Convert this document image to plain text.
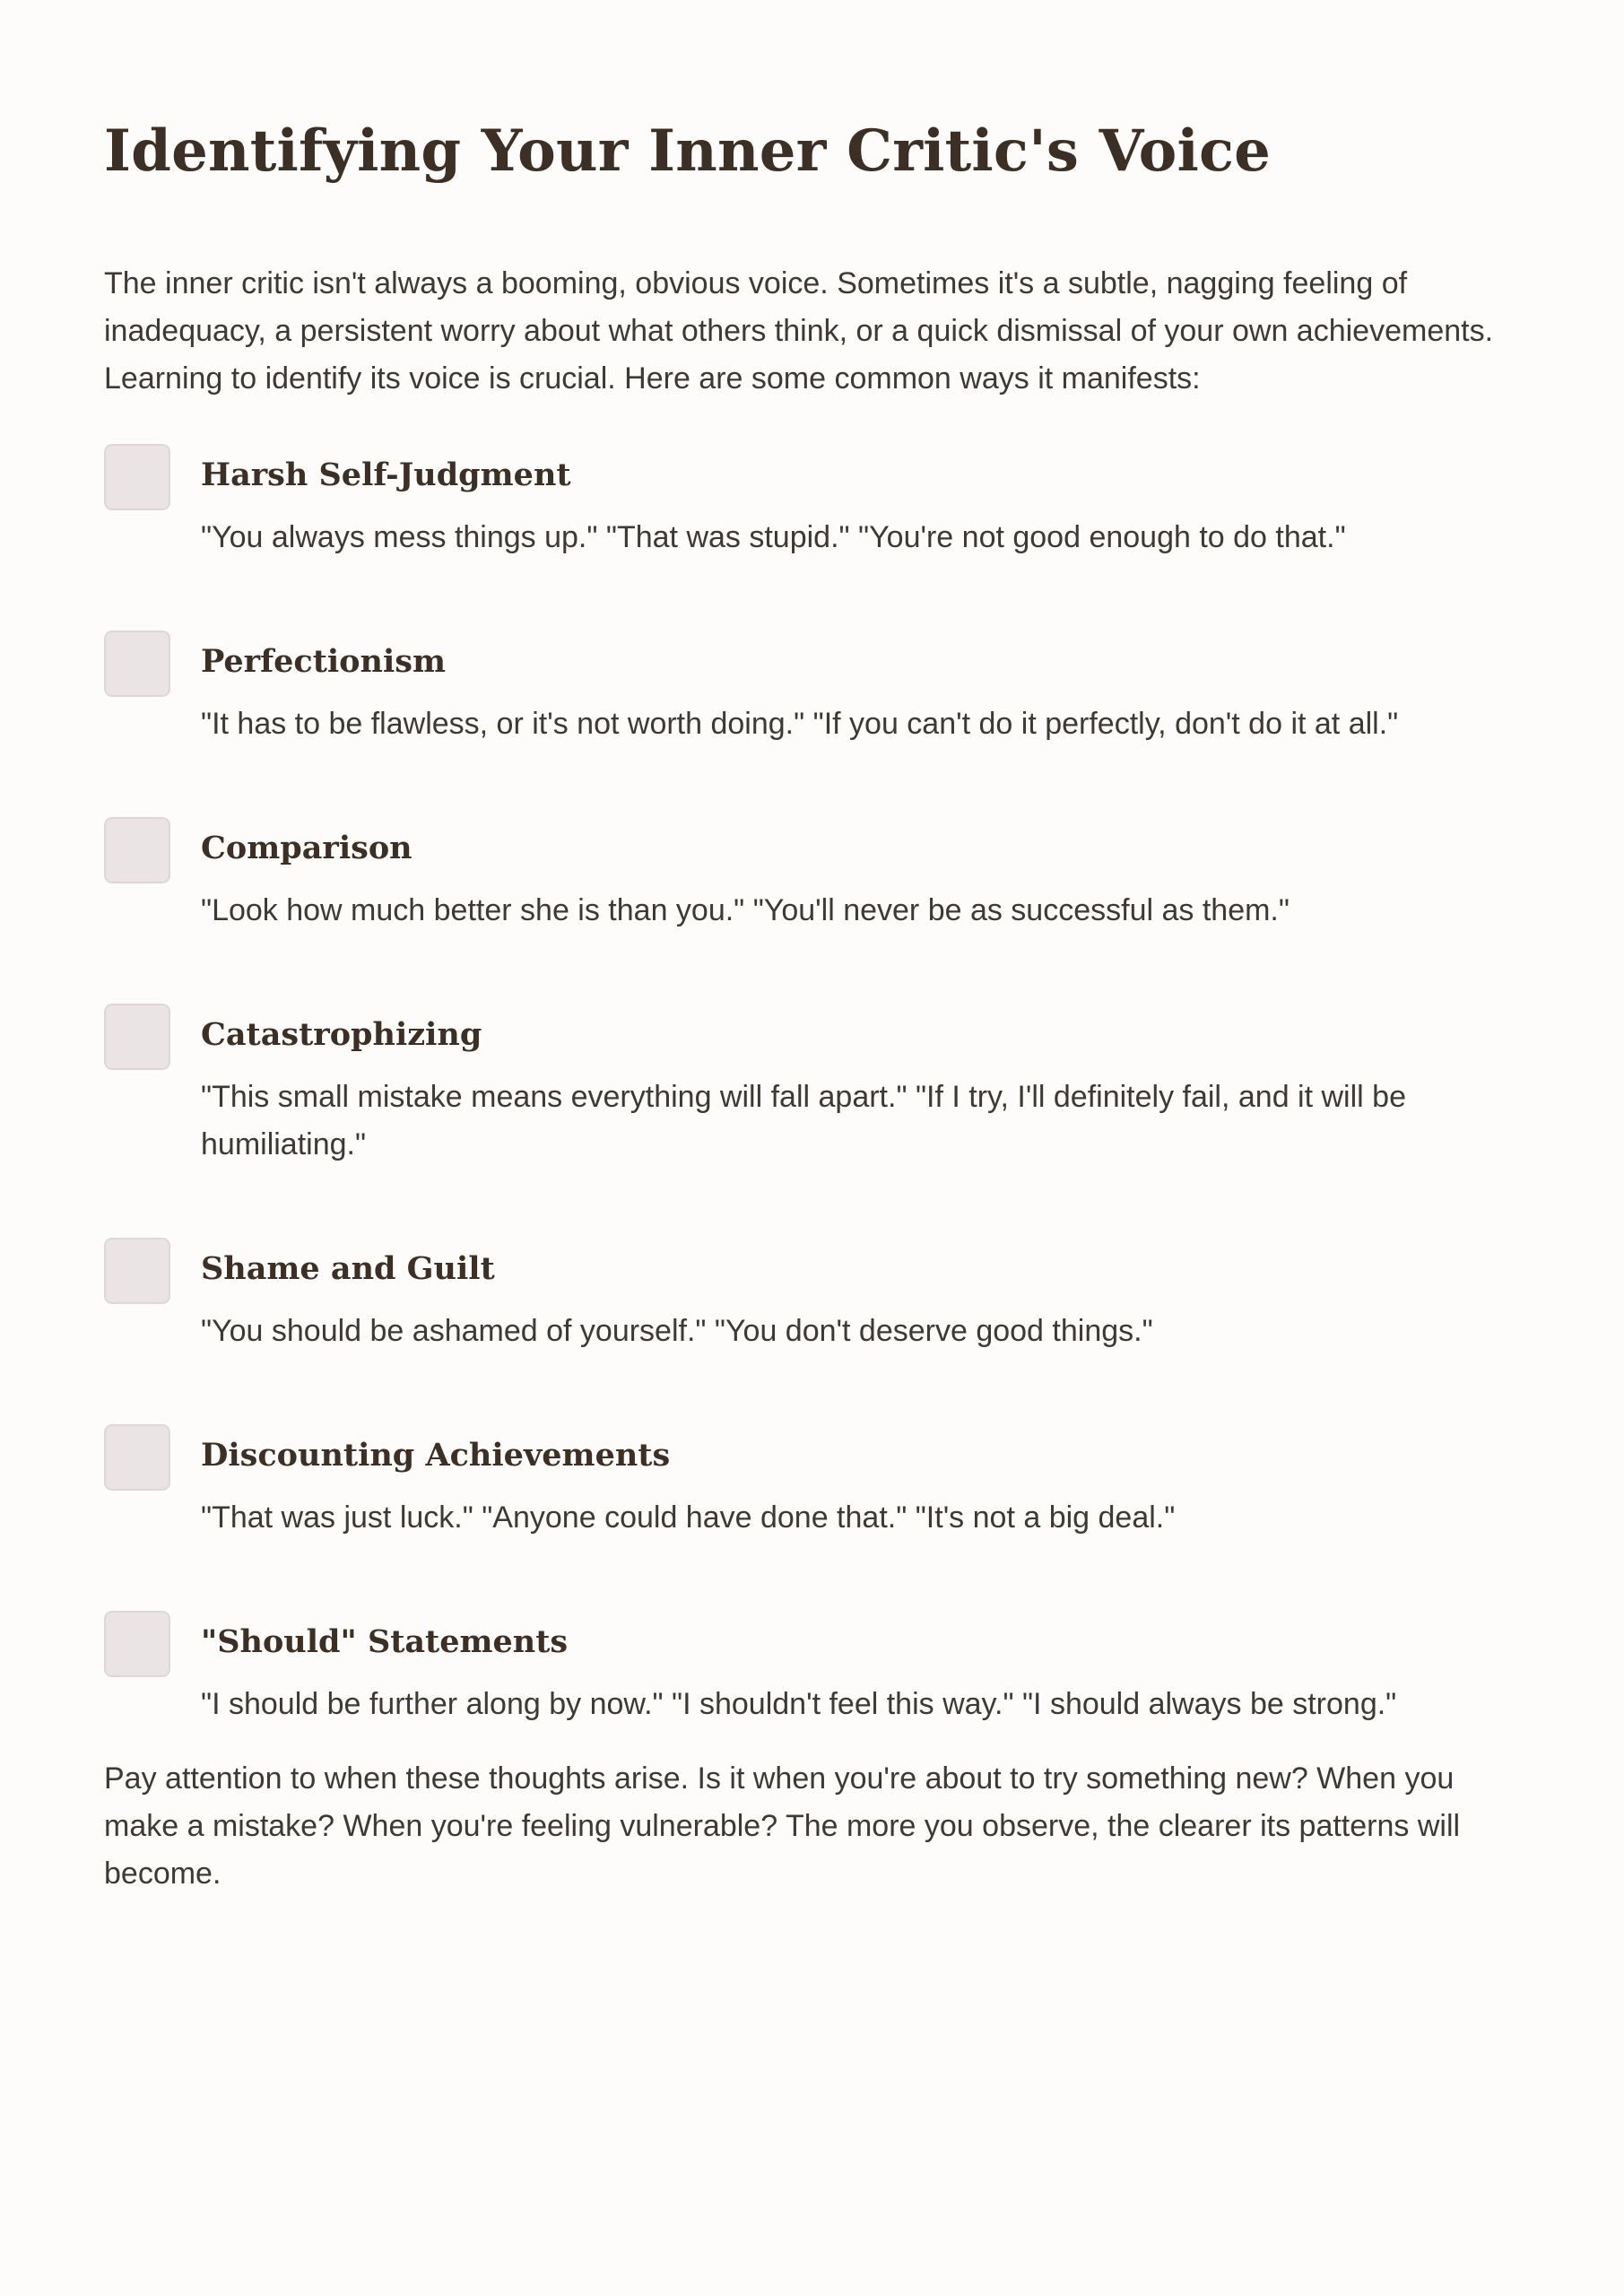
Identifying Your Inner Critic's Voice

The inner critic isn't always a booming, obvious voice. Sometimes it's a subtle, nagging feeling of inadequacy, a persistent worry about what others think, or a quick dismissal of your own achievements. Learning to identify its voice is crucial. Here are some common ways it manifests:

Harsh Self-Judgment

"You always mess things up." "That was stupid." "You're not good enough to do that."

Perfectionism

"It has to be flawless, or it's not worth doing." "If you can't do it perfectly, don't do it at all."

Comparison

"Look how much better she is than you." "You'll never be as successful as them."

Catastrophizing

"This small mistake means everything will fall apart." "If I try, I'll definitely fail, and it will be humiliating."

Shame and Guilt

"You should be ashamed of yourself." "You don't deserve good things."

Discounting Achievements

"That was just luck." "Anyone could have done that." "It's not a big deal."

"Should" Statements

"I should be further along by now." "I shouldn't feel this way." "I should always be strong."

Pay attention to when these thoughts arise. Is it when you're about to try something new? When you make a mistake? When you're feeling vulnerable? The more you observe, the clearer its patterns will become.
